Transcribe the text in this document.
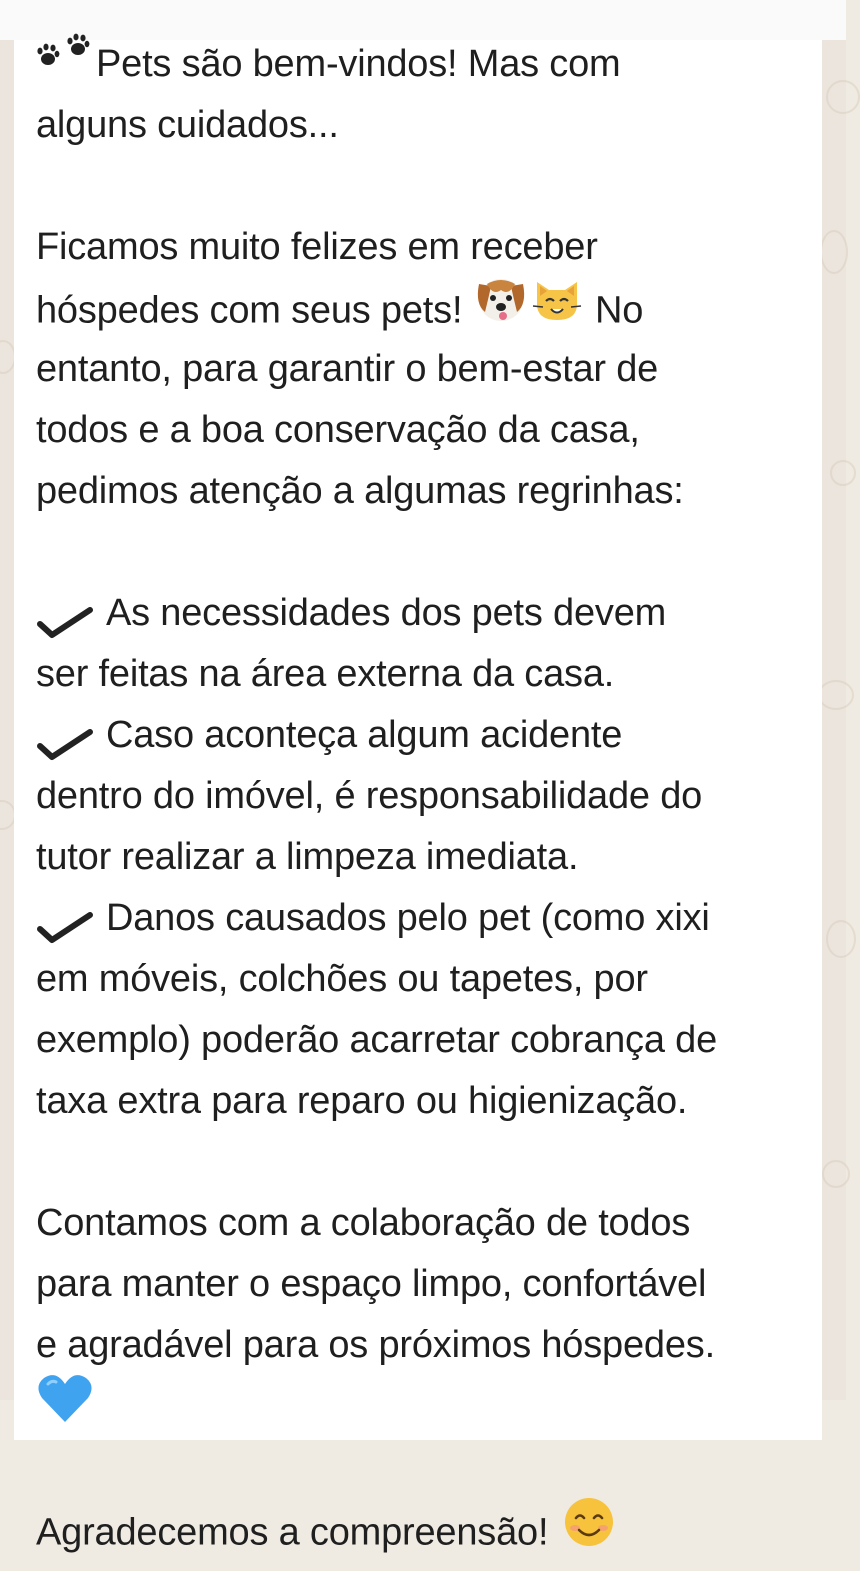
Pets são bem-vindos! Mas com
alguns cuidados...
Ficamos muito felizes em receber
hóspedes com seus pets!	No
entanto, para garantir o bem-estar de
todos e a boa conservação da casa,
pedimos atenção a algumas regrinhas:
As necessidades dos pets devem
ser feitas na área externa da casa.
Caso aconteça algum acidente
dentro do imóvel, é responsabilidade do
tutor realizar a limpeza imediata.
Danos causados pelo pet (como xixi
em móveis, colchões ou tapetes, por
exemplo) poderão acarretar cobrança de
taxa extra para reparo ou higienização.
Contamos com a colaboração de todos
para manter o espaço limpo, confortável
e agradável para os próximos hóspedes.
Agradecemos a compreensão!
